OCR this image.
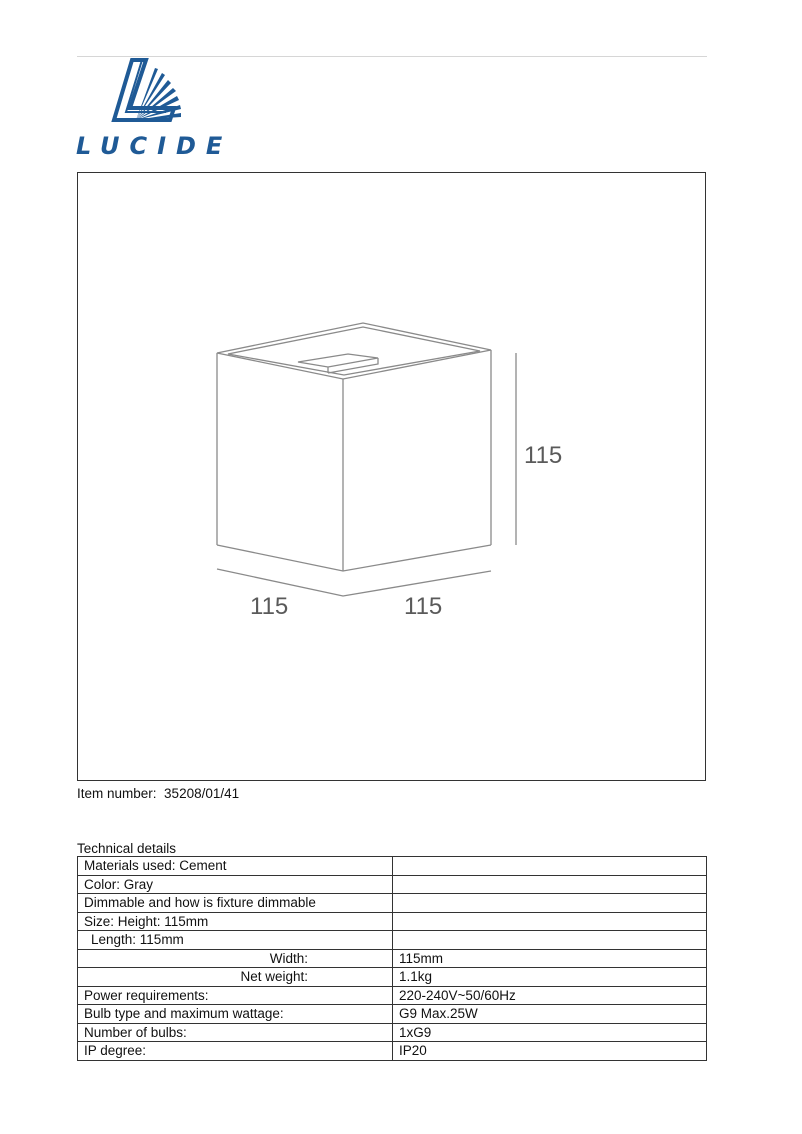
LUCIDE
115
115	115
Item number: 35208/01/41
Technical details
Materials used: Cement	
Color: Gray	
Dimmable and how is fixture dimmable	
Size: Height: 115mm	
Length: 115mm	
Width:	115mm
Net weight:	1.1kg
Power requirements:	220-240V~50/60Hz
Bulb type and maximum wattage:	G9 Max.25W
Number of bulbs:	1xG9
IP degree:	IP20
